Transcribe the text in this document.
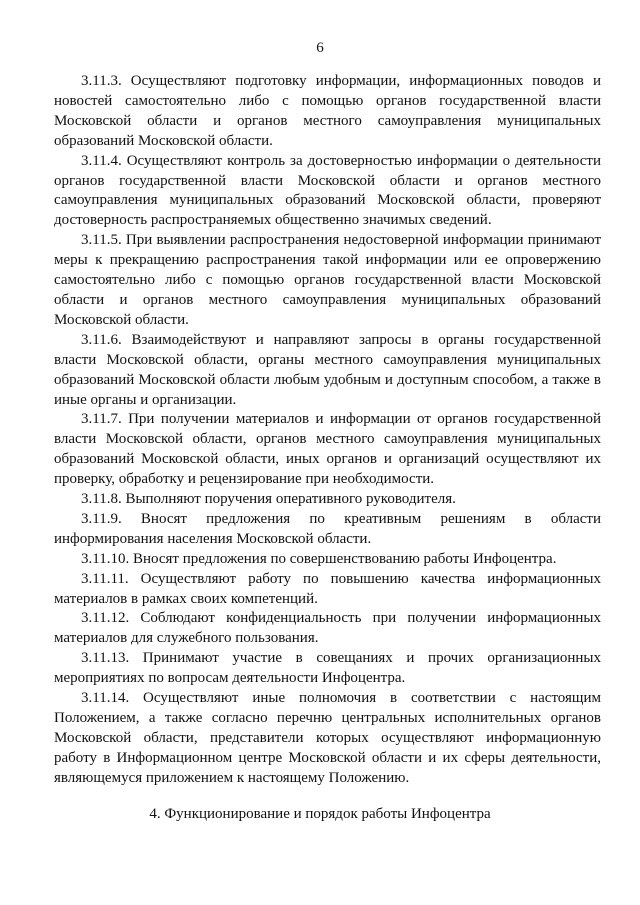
6

3.11.3. Осуществляют подготовку информации, информационных поводов и новостей самостоятельно либо с помощью органов государственной власти Московской области и органов местного самоуправления муниципальных образований Московской области.

3.11.4. Осуществляют контроль за достоверностью информации о деятельности органов государственной власти Московской области и органов местного самоуправления муниципальных образований Московской области, проверяют достоверность распространяемых общественно значимых сведений.

3.11.5. При выявлении распространения недостоверной информации принимают меры к прекращению распространения такой информации или ее опровержению самостоятельно либо с помощью органов государственной власти Московской области и органов местного самоуправления муниципальных образований Московской области.

3.11.6. Взаимодействуют и направляют запросы в органы государственной власти Московской области, органы местного самоуправления муниципальных образований Московской области любым удобным и доступным способом, а также в иные органы и организации.

3.11.7. При получении материалов и информации от органов государственной власти Московской области, органов местного самоуправления муниципальных образований Московской области, иных органов и организаций осуществляют их проверку, обработку и рецензирование при необходимости.

3.11.8. Выполняют поручения оперативного руководителя.

3.11.9. Вносят предложения по креативным решениям в области информирования населения Московской области.

3.11.10. Вносят предложения по совершенствованию работы Инфоцентра.

3.11.11. Осуществляют работу по повышению качества информационных материалов в рамках своих компетенций.

3.11.12. Соблюдают конфиденциальность при получении информационных материалов для служебного пользования.

3.11.13. Принимают участие в совещаниях и прочих организационных мероприятиях по вопросам деятельности Инфоцентра.

3.11.14. Осуществляют иные полномочия в соответствии с настоящим Положением, а также согласно перечню центральных исполнительных органов Московской области, представители которых осуществляют информационную работу в Информационном центре Московской области и их сферы деятельности, являющемуся приложением к настоящему Положению.

4. Функционирование и порядок работы Инфоцентра
